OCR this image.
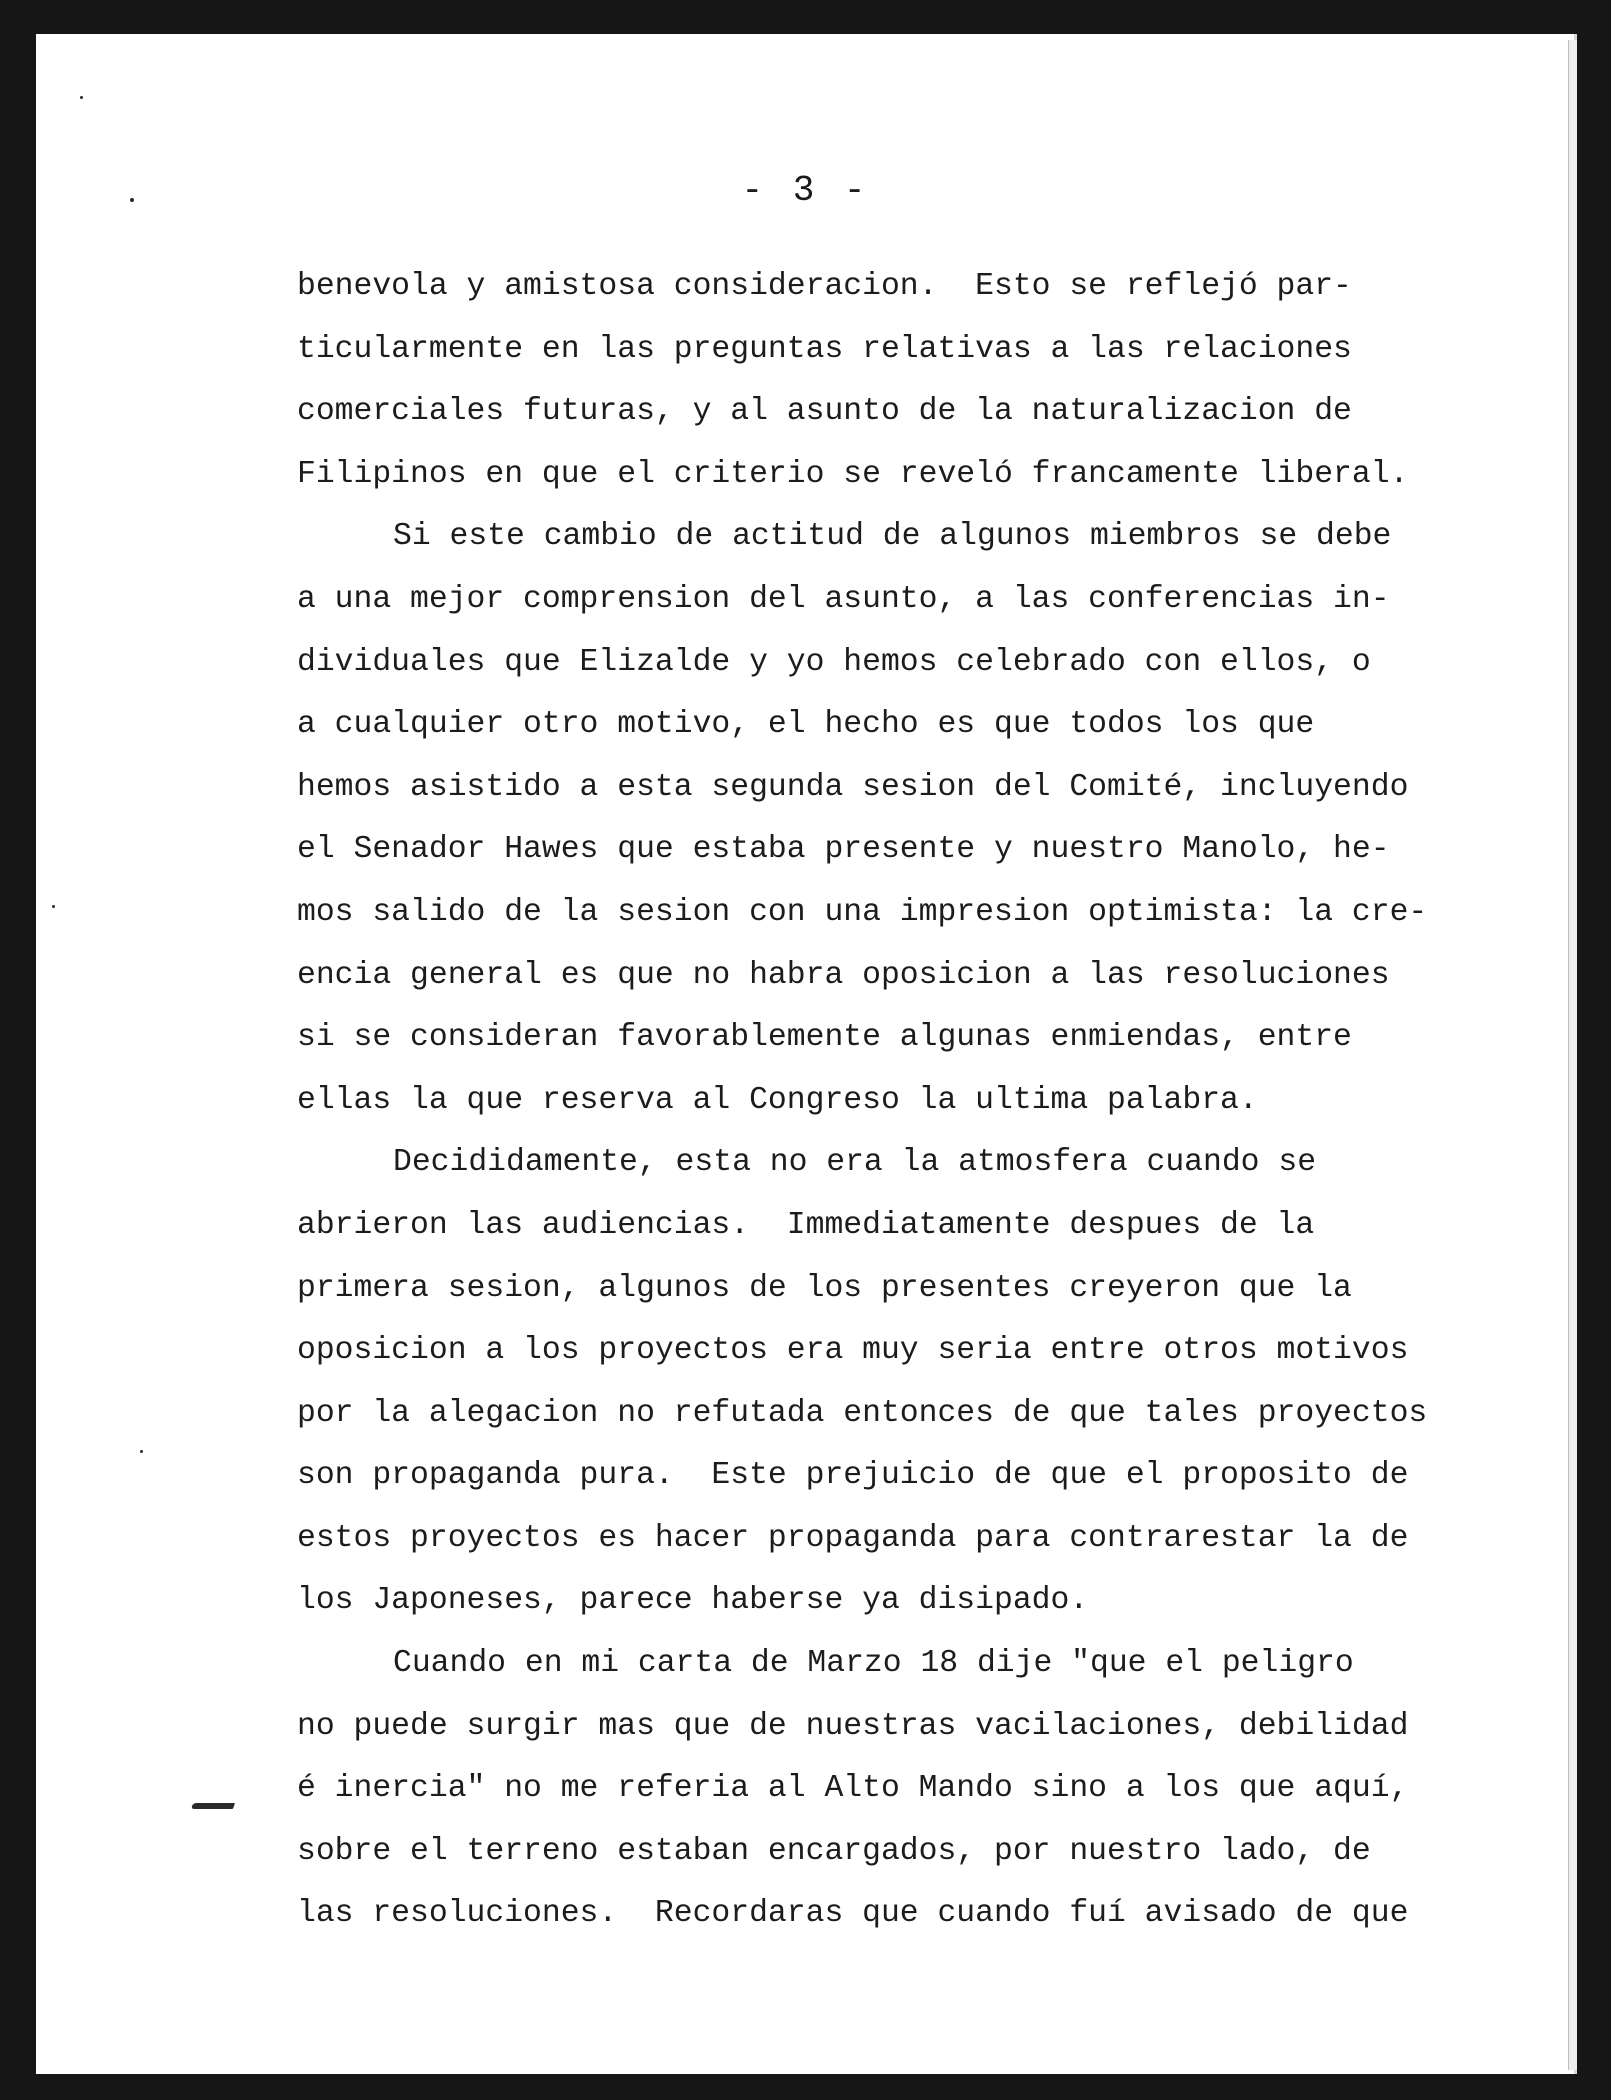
- 3 -
benevola y amistosa consideracion.  Esto se reflejó par-
ticularmente en las preguntas relativas a las relaciones
comerciales futuras, y al asunto de la naturalizacion de
Filipinos en que el criterio se reveló francamente liberal.
Si este cambio de actitud de algunos miembros se debe
a una mejor comprension del asunto, a las conferencias in-
dividuales que Elizalde y yo hemos celebrado con ellos, o
a cualquier otro motivo, el hecho es que todos los que
hemos asistido a esta segunda sesion del Comité, incluyendo
el Senador Hawes que estaba presente y nuestro Manolo, he-
mos salido de la sesion con una impresion optimista: la cre-
encia general es que no habra oposicion a las resoluciones
si se consideran favorablemente algunas enmiendas, entre
ellas la que reserva al Congreso la ultima palabra.
Decididamente, esta no era la atmosfera cuando se
abrieron las audiencias.  Immediatamente despues de la
primera sesion, algunos de los presentes creyeron que la
oposicion a los proyectos era muy seria entre otros motivos
por la alegacion no refutada entonces de que tales proyectos
son propaganda pura.  Este prejuicio de que el proposito de
estos proyectos es hacer propaganda para contrarestar la de
los Japoneses, parece haberse ya disipado.
Cuando en mi carta de Marzo 18 dije "que el peligro
no puede surgir mas que de nuestras vacilaciones, debilidad
é inercia" no me referia al Alto Mando sino a los que aquí,
sobre el terreno estaban encargados, por nuestro lado, de
las resoluciones.  Recordaras que cuando fuí avisado de que
